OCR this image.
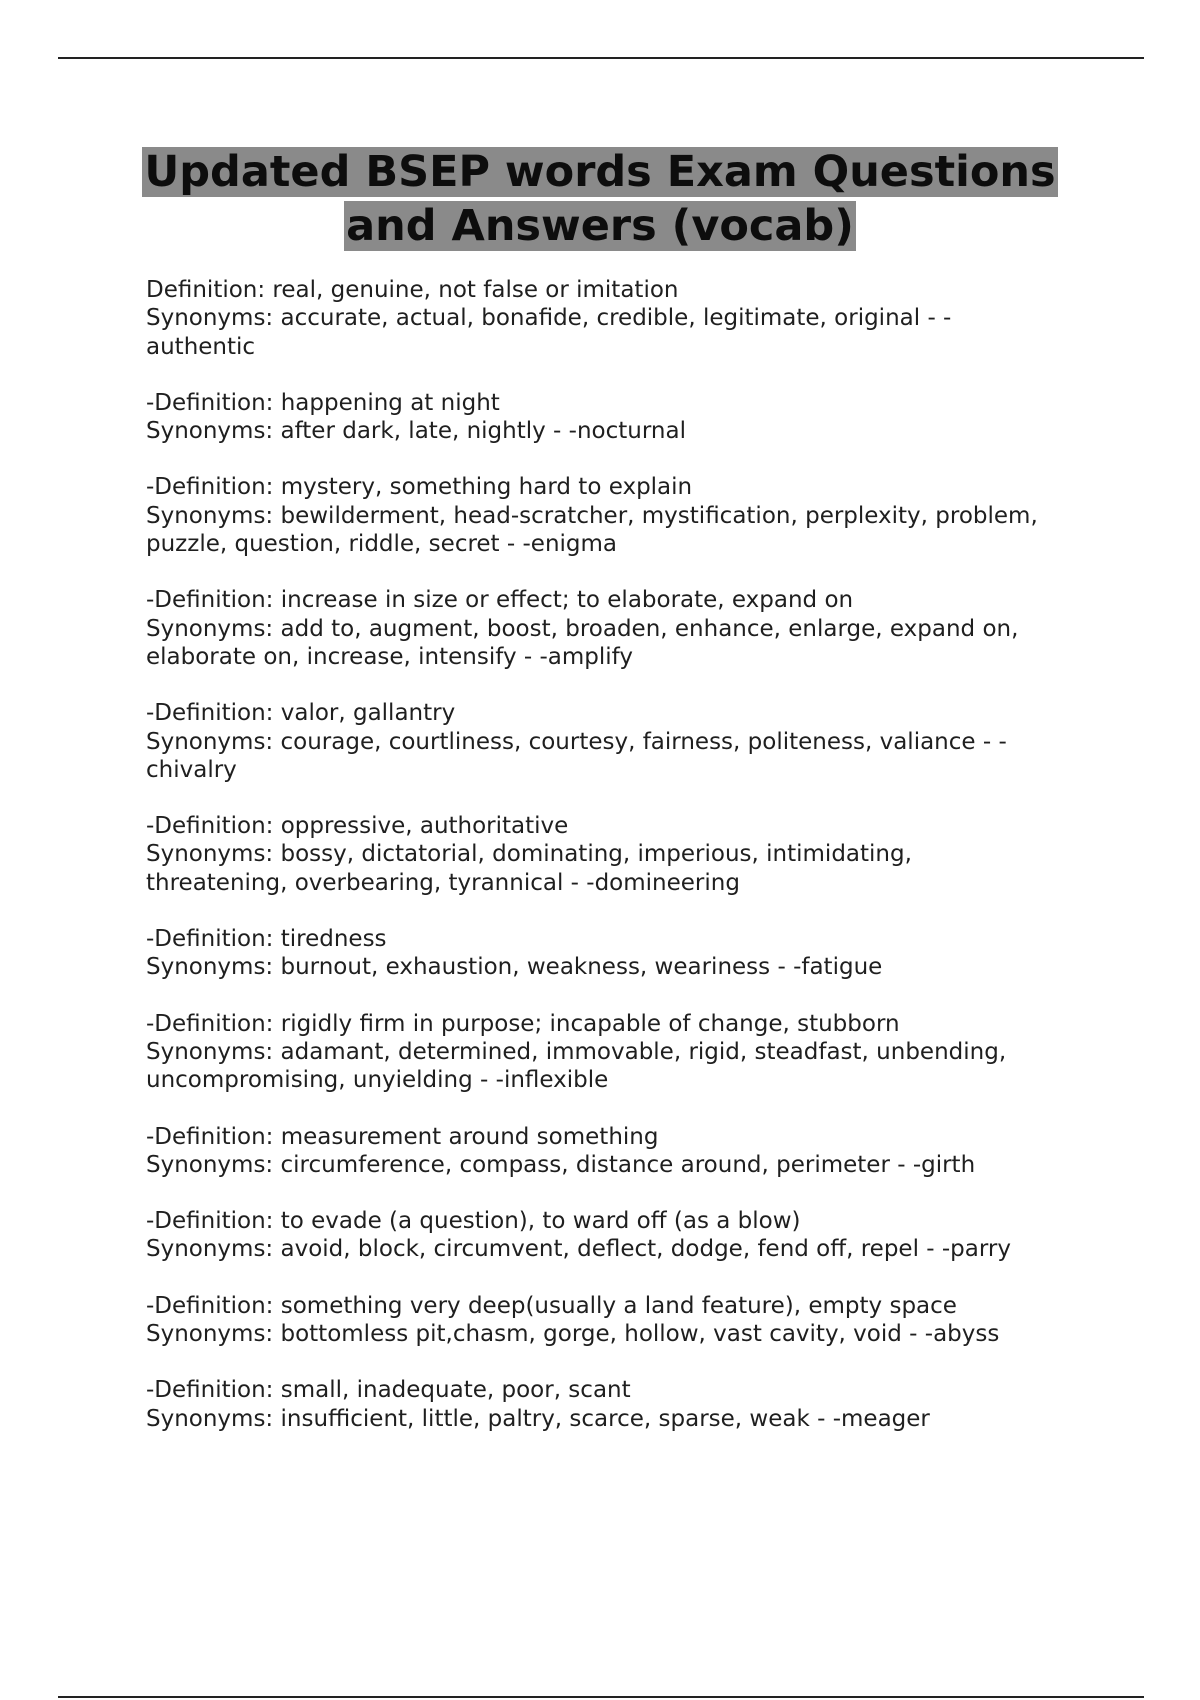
Updated BSEP words Exam Questions
and Answers (vocab)
Definition: real, genuine, not false or imitation
Synonyms: accurate, actual, bonafide, credible, legitimate, original - -
authentic
-Definition: happening at night
Synonyms: after dark, late, nightly - -nocturnal
-Definition: mystery, something hard to explain
Synonyms: bewilderment, head-scratcher, mystification, perplexity, problem,
puzzle, question, riddle, secret - -enigma
-Definition: increase in size or effect; to elaborate, expand on
Synonyms: add to, augment, boost, broaden, enhance, enlarge, expand on,
elaborate on, increase, intensify - -amplify
-Definition: valor, gallantry
Synonyms: courage, courtliness, courtesy, fairness, politeness, valiance - -
chivalry
-Definition: oppressive, authoritative
Synonyms: bossy, dictatorial, dominating, imperious, intimidating,
threatening, overbearing, tyrannical - -domineering
-Definition: tiredness
Synonyms: burnout, exhaustion, weakness, weariness - -fatigue
-Definition: rigidly firm in purpose; incapable of change, stubborn
Synonyms: adamant, determined, immovable, rigid, steadfast, unbending,
uncompromising, unyielding - -inflexible
-Definition: measurement around something
Synonyms: circumference, compass, distance around, perimeter - -girth
-Definition: to evade (a question), to ward off (as a blow)
Synonyms: avoid, block, circumvent, deflect, dodge, fend off, repel - -parry
-Definition: something very deep(usually a land feature), empty space
Synonyms: bottomless pit,chasm, gorge, hollow, vast cavity, void - -abyss
-Definition: small, inadequate, poor, scant
Synonyms: insufficient, little, paltry, scarce, sparse, weak - -meager
